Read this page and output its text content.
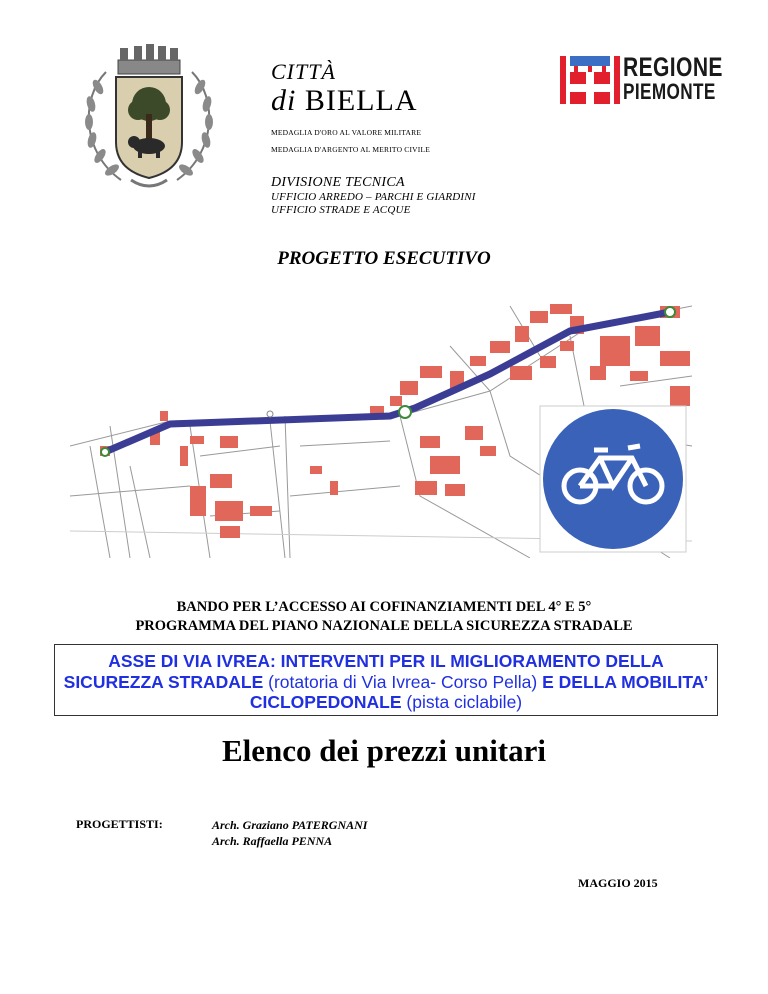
CITTÀ
di BIELLA
MEDAGLIA D'ORO AL VALORE MILITARE
MEDAGLIA D'ARGENTO AL MERITO CIVILE
DIVISIONE TECNICA
UFFICIO ARREDO – PARCHI E GIARDINI
UFFICIO STRADE E ACQUE
REGIONE
PIEMONTE
PROGETTO ESECUTIVO
BANDO PER L’ACCESSO AI COFINANZIAMENTI DEL 4° E 5°
PROGRAMMA DEL PIANO NAZIONALE DELLA SICUREZZA STRADALE
ASSE DI VIA IVREA: INTERVENTI PER IL MIGLIORAMENTO DELLA SICUREZZA STRADALE (rotatoria di Via Ivrea- Corso Pella) E DELLA MOBILITA’ CICLOPEDONALE (pista ciclabile)
Elenco dei prezzi unitari
PROGETTISTI:	Arch. Graziano PATERGNANI
Arch. Raffaella PENNA
MAGGIO 2015
